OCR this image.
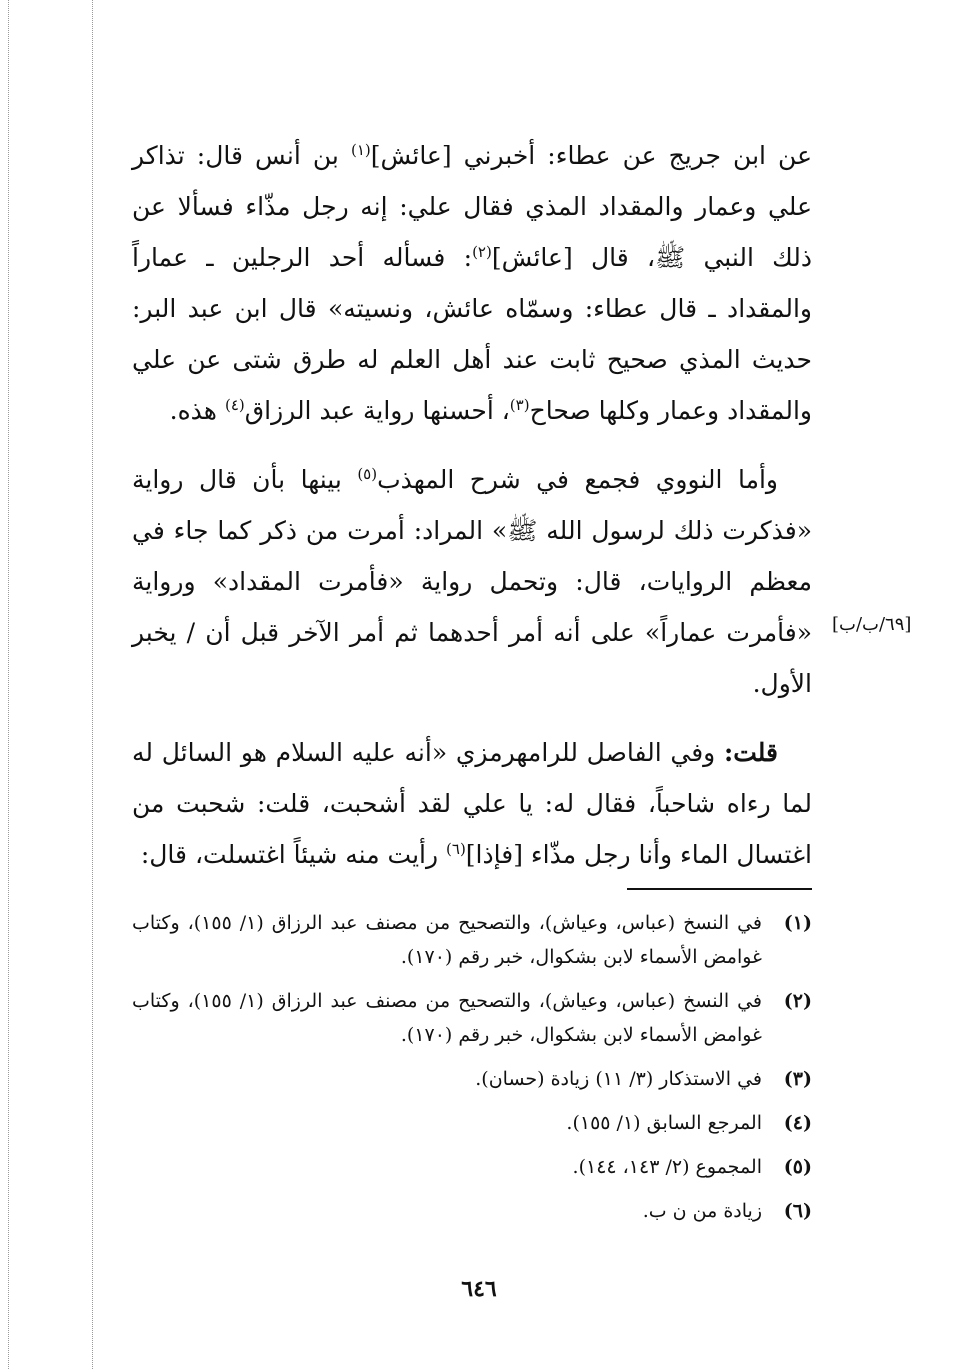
عن ابن جريج عن عطاء: أخبرني [عائش]$^{(١)}$ بن أنس قال: تذاكر علي وعمار والمقداد المذي فقال علي: إنه رجل مذّاء فسألا عن ذلك النبي ﷺ، قال [عائش]$^{(٢)}$: فسأله أحد الرجلين ـ عماراً والمقداد ـ قال عطاء: وسمّاه عائش، ونسيته» قال ابن عبد البر: حديث المذي صحيح ثابت عند أهل العلم له طرق شتى عن علي والمقداد وعمار وكلها صحاح$^{(٣)}$، أحسنها رواية عبد الرزاق$^{(٤)}$ هذه.

وأما النووي فجمع في شرح المهذب$^{(٥)}$ بينها بأن قال رواية «فذكرت ذلك لرسول الله ﷺ» المراد: أمرت من ذكر كما جاء في معظم الروايات، قال: وتحمل رواية «فأمرت المقداد» ورواية «فأمرت عماراً» على أنه أمر أحدهما ثم أمر الآخر قبل أن / يخبر الأول.

قلت: وفي الفاصل للرامهرمزي «أنه عليه السلام هو السائل له لما رءاه شاحباً، فقال له: يا علي لقد أشحبت، قلت: شحبت من اغتسال الماء وأنا رجل مذّاء [فإذا]$^{(٦)}$ رأيت منه شيئاً اغتسلت، قال:

[٦٩/ب/ب]
(١)
في النسخ (عباس، وعياش)، والتصحيح من مصنف عبد الرزاق (١/ ١٥٥)، وكتاب غوامض الأسماء لابن بشكوال، خبر رقم (١٧٠).
(٢)
في النسخ (عباس، وعياش)، والتصحيح من مصنف عبد الرزاق (١/ ١٥٥)، وكتاب غوامض الأسماء لابن بشكوال، خبر رقم (١٧٠).
(٣)
في الاستذكار (٣/ ١١) زيادة (حسان).
(٤)
المرجع السابق (١/ ١٥٥).
(٥)
المجموع (٢/ ١٤٣، ١٤٤).
(٦)
زيادة من ن ب.
٦٤٦
